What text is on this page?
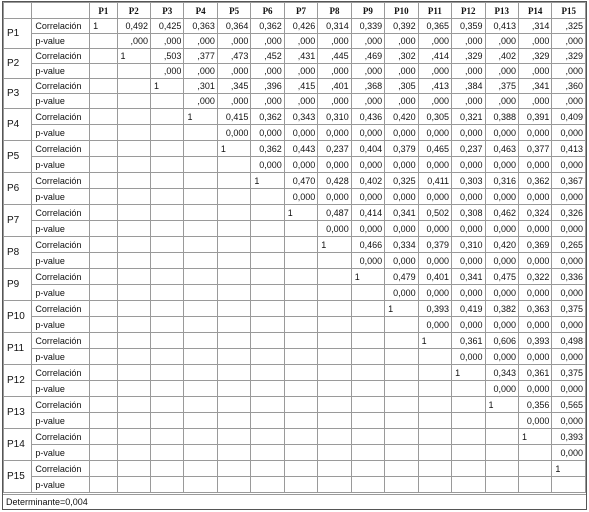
		P1	P2	P3	P4	P5	P6	P7	P8	P9	P10	P11	P12	P13	P14	P15
P1	Correlación	1	0,492	0,425	0,363	0,364	0,362	0,426	0,314	0,339	0,392	0,365	0,359	0,413	,314	,325
	p-value		,000	,000	,000	,000	,000	,000	,000	,000	,000	,000	,000	,000	,000	,000
P2	Correlación		1	,503	,377	,473	,452	,431	,445	,469	,302	,414	,329	,402	,329	,329
	p-value			,000	,000	,000	,000	,000	,000	,000	,000	,000	,000	,000	,000	,000
P3	Correlación			1	,301	,345	,396	,415	,401	,368	,305	,413	,384	,375	,341	,360
	p-value				,000	,000	,000	,000	,000	,000	,000	,000	,000	,000	,000	,000
P4	Correlación				1	0,415	0,362	0,343	0,310	0,436	0,420	0,305	0,321	0,388	0,391	0,409
	p-value					0,000	0,000	0,000	0,000	0,000	0,000	0,000	0,000	0,000	0,000	0,000
P5	Correlación					1	0,362	0,443	0,237	0,404	0,379	0,465	0,237	0,463	0,377	0,413
	p-value						0,000	0,000	0,000	0,000	0,000	0,000	0,000	0,000	0,000	0,000
P6	Correlación						1	0,470	0,428	0,402	0,325	0,411	0,303	0,316	0,362	0,367
	p-value							0,000	0,000	0,000	0,000	0,000	0,000	0,000	0,000	0,000
P7	Correlación							1	0,487	0,414	0,341	0,502	0,308	0,462	0,324	0,326
	p-value								0,000	0,000	0,000	0,000	0,000	0,000	0,000	0,000
P8	Correlación								1	0,466	0,334	0,379	0,310	0,420	0,369	0,265
	p-value									0,000	0,000	0,000	0,000	0,000	0,000	0,000
P9	Correlación									1	0,479	0,401	0,341	0,475	0,322	0,336
	p-value										0,000	0,000	0,000	0,000	0,000	0,000
P10	Correlación										1	0,393	0,419	0,382	0,363	0,375
	p-value											0,000	0,000	0,000	0,000	0,000
P11	Correlación											1	0,361	0,606	0,393	0,498
	p-value												0,000	0,000	0,000	0,000
P12	Correlación												1	0,343	0,361	0,375
	p-value													0,000	0,000	0,000
P13	Correlación													1	0,356	0,565
	p-value														0,000	0,000
P14	Correlación														1	0,393
	p-value															0,000
P15	Correlación															1
	p-value															
Determinante=0,004
